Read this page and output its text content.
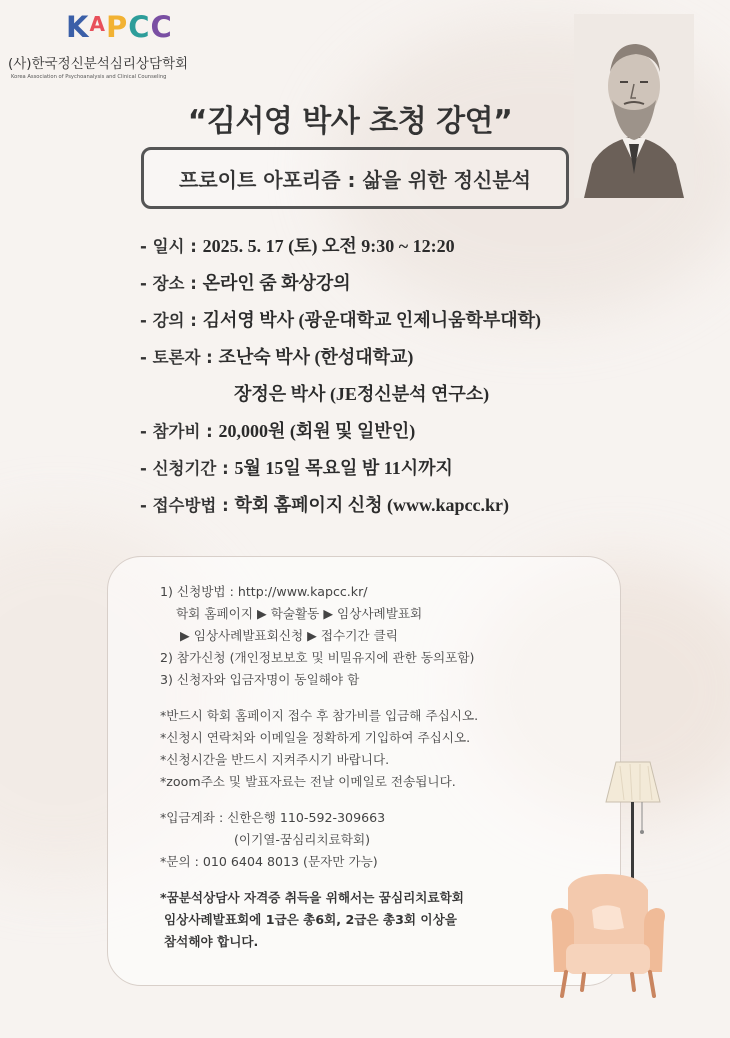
KAPCC
(사)한국정신분석심리상담학회
Korea Association of Psychoanalysis and Clinical Counseling
“김서영 박사 초청 강연”
프로이트 아포리즘 : 삶을 위한 정신분석
- 일시 : 2025. 5. 17 (토) 오전 9:30 ~ 12:20
- 장소 : 온라인 줌 화상강의
- 강의 : 김서영 박사 (광운대학교 인제니움학부대학)
- 토론자 : 조난숙 박사 (한성대학교)
장정은 박사 (JE정신분석 연구소)
- 참가비 : 20,000원 (회원 및 일반인)
- 신청기간 : 5월 15일 목요일 밤 11시까지
- 접수방법 : 학회 홈페이지 신청 (www.kapcc.kr)
1) 신청방법 : http://www.kapcc.kr/
학회 홈페이지 ▶ 학술활동 ▶ 임상사례발표회
▶ 임상사례발표회신청 ▶ 접수기간 클릭
2) 참가신청 (개인정보보호 및 비밀유지에 관한 동의포함)
3) 신청자와 입금자명이 동일해야 함
*반드시 학회 홈페이지 접수 후 참가비를 입금해 주십시오.
*신청시 연락처와 이메일을 정확하게 기입하여 주십시오.
*신청시간을 반드시 지켜주시기 바랍니다.
*zoom주소 및 발표자료는 전날 이메일로 전송됩니다.
*입금계좌 : 신한은행 110-592-309663
(이기열-꿈심리치료학회)
*문의 : 010 6404 8013 (문자만 가능)
*꿈분석상담사 자격증 취득을 위해서는 꿈심리치료학회
임상사례발표회에 1급은 총6회, 2급은 총3회 이상을
참석해야 합니다.
